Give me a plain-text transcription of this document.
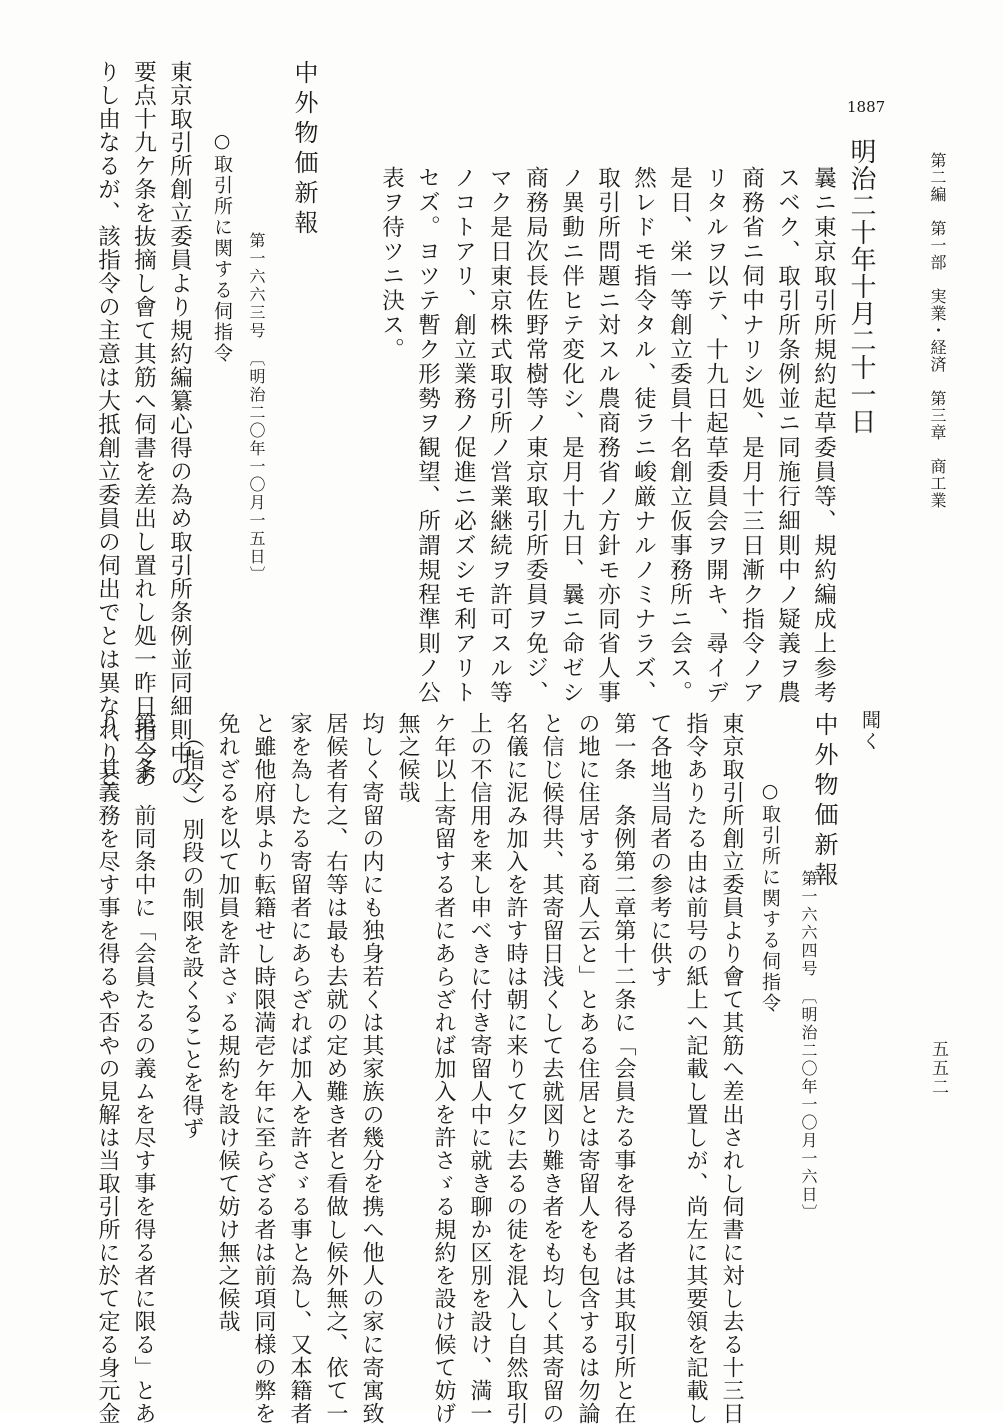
第二編　第一部　実業・経済　第三章　商工業
五五二
1887
明治二十年十月二十一日
曩ニ東京取引所規約起草委員等、規約編成上参考
スベク、取引所条例並ニ同施行細則中ノ疑義ヲ農
商務省ニ伺中ナリシ処、是月十三日漸ク指令ノア
リタルヲ以テ、十九日起草委員会ヲ開キ、尋イデ
是日、栄一等創立委員十名創立仮事務所ニ会ス。
然レドモ指令タル、徒ラニ峻厳ナルノミナラズ、
取引所問題ニ対スル農商務省ノ方針モ亦同省人事
ノ異動ニ伴ヒテ変化シ、是月十九日、曩ニ命ゼシ
商務局次長佐野常樹等ノ東京取引所委員ヲ免ジ、
マク是日東京株式取引所ノ営業継続ヲ許可スル等
ノコトアリ、創立業務ノ促進ニ必ズシモ利アリト
セズ。ヨツテ暫ク形勢ヲ観望、所謂規程準則ノ公
表ヲ待ツニ決ス。
中外物価新報
第一六六三号　〔明治二〇年一〇月一五日〕
○取引所に関する伺指令
東京取引所創立委員より規約編纂心得の為め取引所条例並同細則中の
要点十九ケ条を抜摘し會て其筋へ伺書を差出し置れし処一昨日指令あ
りし由なるが、該指令の主意は大抵創立委員の伺出でとは異なれりと	聞く
中外物価新報
第一六六四号　〔明治二〇年一〇月一六日〕
○取引所に関する伺指令
東京取引所創立委員より會て其筋へ差出されし伺書に対し去る十三日
指令ありたる由は前号の紙上へ記載し置しが、尚左に其要領を記載し
て各地当局者の参考に供す
第一条　条例第二章第十二条に「会員たる事を得る者は其取引所と在
の地に住居する商人云と」とある住居とは寄留人をも包含するは勿論
と信じ候得共、其寄留日浅くして去就図り難き者をも均しく其寄留の
名儀に泥み加入を許す時は朝に来りて夕に去るの徒を混入し自然取引
上の不信用を来し申べきに付き寄留人中に就き聊か区別を設け、満一
ケ年以上寄留する者にあらざれば加入を許さゞる規約を設け候て妨げ
無之候哉
均しく寄留の内にも独身若くは其家族の幾分を携へ他人の家に寄寓致
居候者有之、右等は最も去就の定め難き者と看做し候外無之、依て一
家を為したる寄留者にあらざれば加入を許さゞる事と為し、又本籍者
と雖他府県より転籍せし時限満壱ケ年に至らざる者は前項同様の弊を
免れざるを以て加員を許さゞる規約を設け候て妨け無之候哉
（指令）別段の制限を設くることを得ず
第二条　前同条中に「会員たるの義ムを尽す事を得る者に限る」とあ
り、其義務を尽す事を得るや否やの見解は当取引所に於て定る身元金
